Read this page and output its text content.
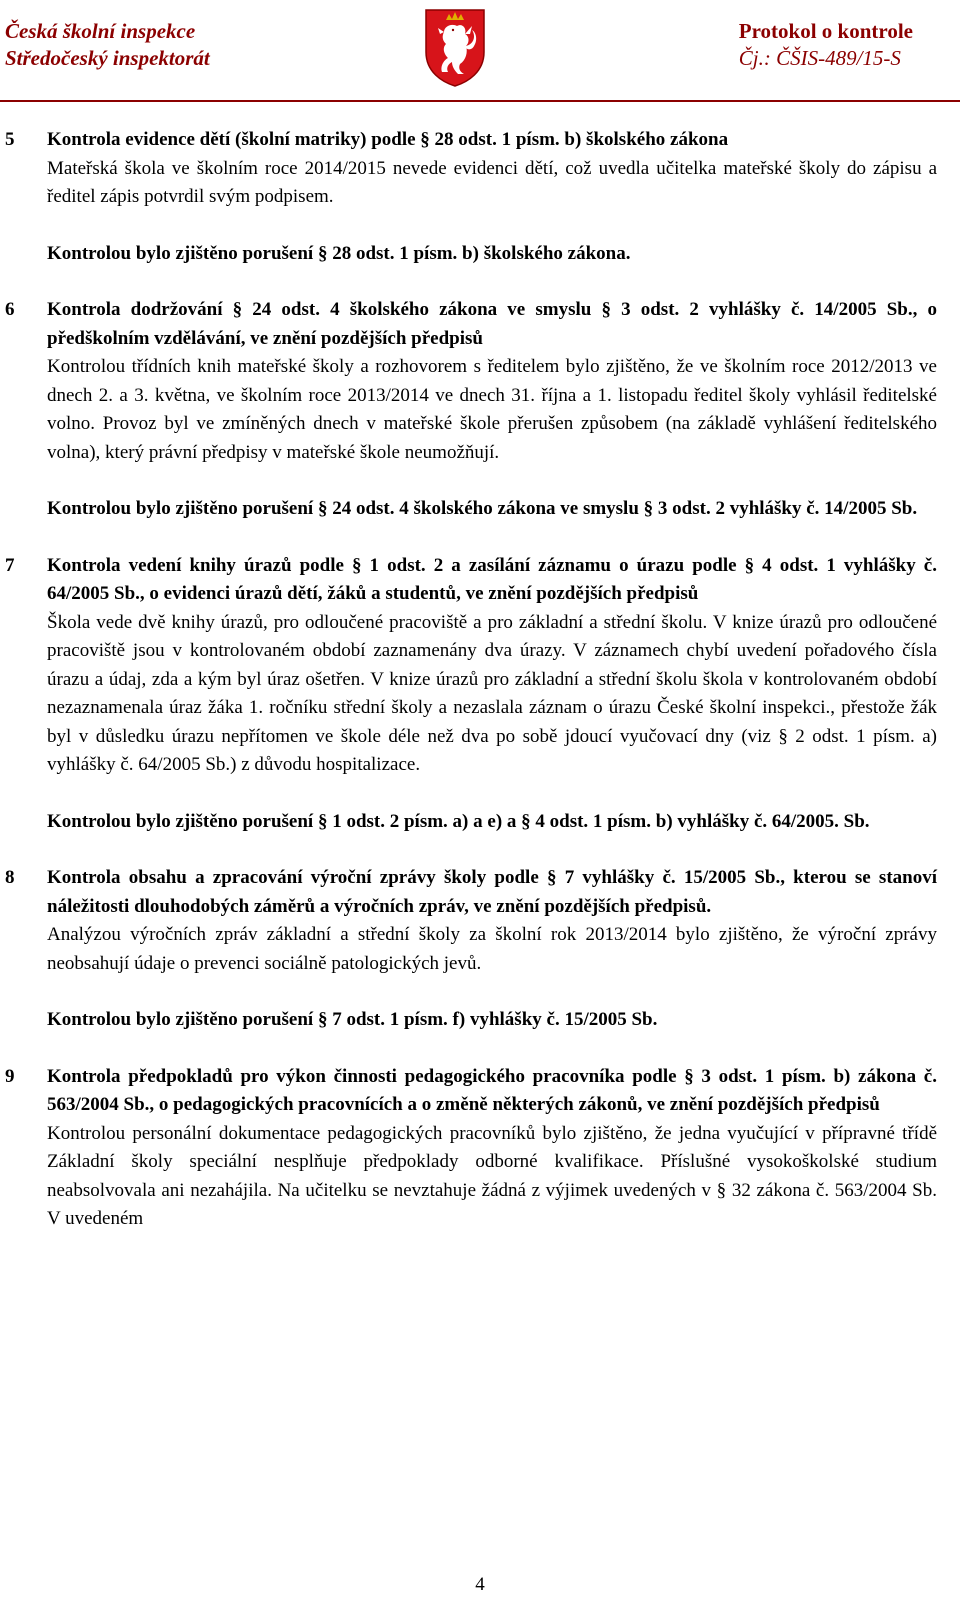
Česká školní inspekce
Středočeský inspektorát
Protokol o kontrole
Čj.: ČŠIS-489/15-S
5	Kontrola evidence dětí (školní matriky) podle § 28 odst. 1 písm. b) školského zákona
Mateřská škola ve školním roce 2014/2015 nevede evidenci dětí, což uvedla učitelka mateřské školy do zápisu a ředitel zápis potvrdil svým podpisem.
Kontrolou bylo zjištěno porušení § 28 odst. 1 písm. b) školského zákona.
6	Kontrola dodržování § 24 odst. 4 školského zákona ve smyslu § 3 odst. 2 vyhlášky č. 14/2005 Sb., o předškolním vzdělávání, ve znění pozdějších předpisů
Kontrolou třídních knih mateřské školy a rozhovorem s ředitelem bylo zjištěno, že ve školním roce 2012/2013 ve dnech 2. a 3. května, ve školním roce 2013/2014 ve dnech 31. října a 1. listopadu ředitel školy vyhlásil ředitelské volno. Provoz byl ve zmíněných dnech v mateřské škole přerušen způsobem (na základě vyhlášení ředitelského volna), který právní předpisy v mateřské škole neumožňují.
Kontrolou bylo zjištěno porušení § 24 odst. 4 školského zákona ve smyslu § 3 odst. 2 vyhlášky č. 14/2005 Sb.
7	Kontrola vedení knihy úrazů podle § 1 odst. 2 a zasílání záznamu o úrazu podle § 4 odst. 1 vyhlášky č. 64/2005 Sb., o evidenci úrazů dětí, žáků a studentů, ve znění pozdějších předpisů
Škola vede dvě knihy úrazů, pro odloučené pracoviště a pro základní a střední školu. V knize úrazů pro odloučené pracoviště jsou v kontrolovaném období zaznamenány dva úrazy. V záznamech chybí uvedení pořadového čísla úrazu a údaj, zda a kým byl úraz ošetřen. V knize úrazů pro základní a střední školu škola v kontrolovaném období nezaznamenala úraz žáka 1. ročníku střední školy a nezaslala záznam o úrazu České školní inspekci., přestože žák byl v důsledku úrazu nepřítomen ve škole déle než dva po sobě jdoucí vyučovací dny (viz § 2 odst. 1 písm. a) vyhlášky č. 64/2005 Sb.) z důvodu hospitalizace.
Kontrolou bylo zjištěno porušení § 1 odst. 2 písm. a) a e) a § 4 odst. 1 písm. b) vyhlášky č. 64/2005. Sb.
8	Kontrola obsahu a zpracování výroční zprávy školy podle § 7 vyhlášky č. 15/2005 Sb., kterou se stanoví náležitosti dlouhodobých záměrů a výročních zpráv, ve znění pozdějších předpisů.
Analýzou výročních zpráv základní a střední školy za školní rok 2013/2014 bylo zjištěno, že výroční zprávy neobsahují údaje o prevenci sociálně patologických jevů.
Kontrolou bylo zjištěno porušení § 7 odst. 1 písm. f) vyhlášky č. 15/2005 Sb.
9	Kontrola předpokladů pro výkon činnosti pedagogického pracovníka podle § 3 odst. 1 písm. b) zákona č. 563/2004 Sb., o pedagogických pracovnících a o změně některých zákonů, ve znění pozdějších předpisů
Kontrolou personální dokumentace pedagogických pracovníků bylo zjištěno, že jedna vyučující v přípravné třídě Základní školy speciální nesplňuje předpoklady odborné kvalifikace. Příslušné vysokoškolské studium neabsolvovala ani nezahájila. Na učitelku se nevztahuje žádná z výjimek uvedených v § 32 zákona č. 563/2004 Sb. V uvedeném
4
